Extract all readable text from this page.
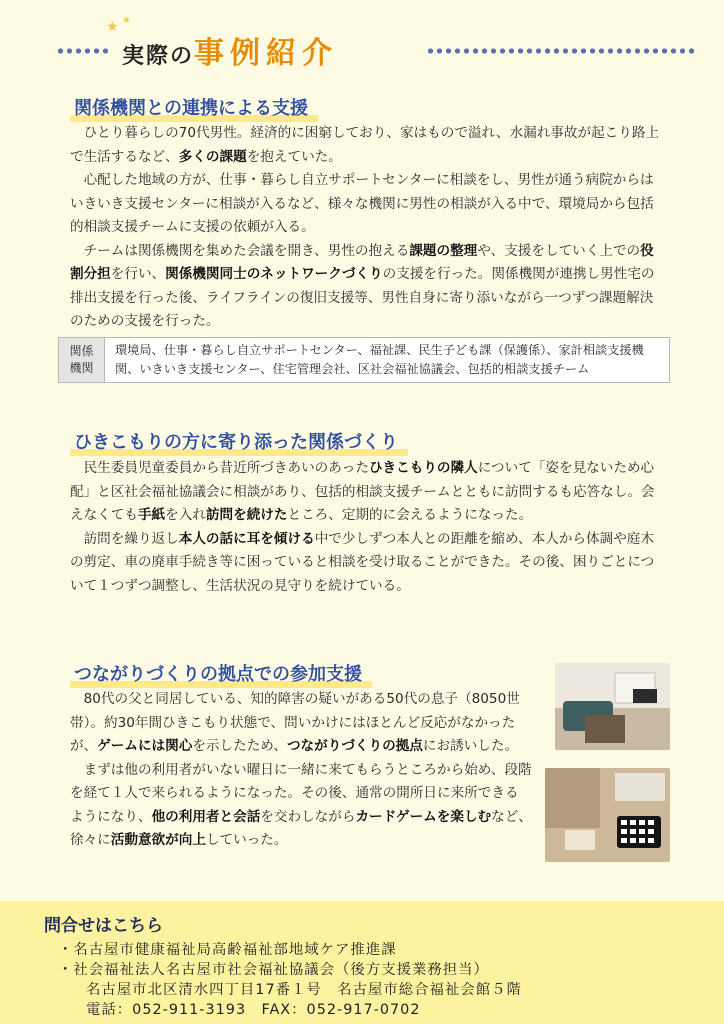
★ ★
実際の事例紹介
関係機関との連携による支援

ひとり暮らしの70代男性。経済的に困窮しており、家はもので溢れ、水漏れ事故が起こり路上で生活するなど、多くの課題を抱えていた。

心配した地域の方が、仕事・暮らし自立サポートセンターに相談をし、男性が通う病院からはいきいき支援センターに相談が入るなど、様々な機関に男性の相談が入る中で、環境局から包括的相談支援チームに支援の依頼が入る。

チームは関係機関を集めた会議を開き、男性の抱える課題の整理や、支援をしていく上での役割分担を行い、関係機関同士のネットワークづくりの支援を行った。関係機関が連携し男性宅の排出支援を行った後、ライフラインの復旧支援等、男性自身に寄り添いながら一つずつ課題解決のための支援を行った。

関係
機関
環境局、仕事・暮らし自立サポートセンター、福祉課、民生子ども課（保護係）、家計相談支援機関、いきいき支援センター、住宅管理会社、区社会福祉協議会、包括的相談支援チーム
ひきこもりの方に寄り添った関係づくり

民生委員児童委員から昔近所づきあいのあったひきこもりの隣人について「姿を見ないため心配」と区社会福祉協議会に相談があり、包括的相談支援チームとともに訪問するも応答なし。会えなくても手紙を入れ訪問を続けたところ、定期的に会えるようになった。

訪問を繰り返し本人の話に耳を傾ける中で少しずつ本人との距離を縮め、本人から体調や庭木の剪定、車の廃車手続き等に困っていると相談を受け取ることができた。その後、困りごとについて１つずつ調整し、生活状況の見守りを続けている。

つながりづくりの拠点での参加支援

80代の父と同居している、知的障害の疑いがある50代の息子（8050世帯）。約30年間ひきこもり状態で、問いかけにはほとんど反応がなかったが、ゲームには関心を示したため、つながりづくりの拠点にお誘いした。

まずは他の利用者がいない曜日に一緒に来てもらうところから始め、段階を経て１人で来られるようになった。その後、通常の開所日に来所できるようになり、他の利用者と会話を交わしながらカードゲームを楽しむなど、徐々に活動意欲が向上していった。

問合せはこちら
・名古屋市健康福祉局高齢福祉部地域ケア推進課
・社会福祉法人名古屋市社会福祉協議会（後方支援業務担当）
名古屋市北区清水四丁目17番１号　名古屋市総合福祉会館５階
電話：052-911-3193　FAX：052-917-0702
